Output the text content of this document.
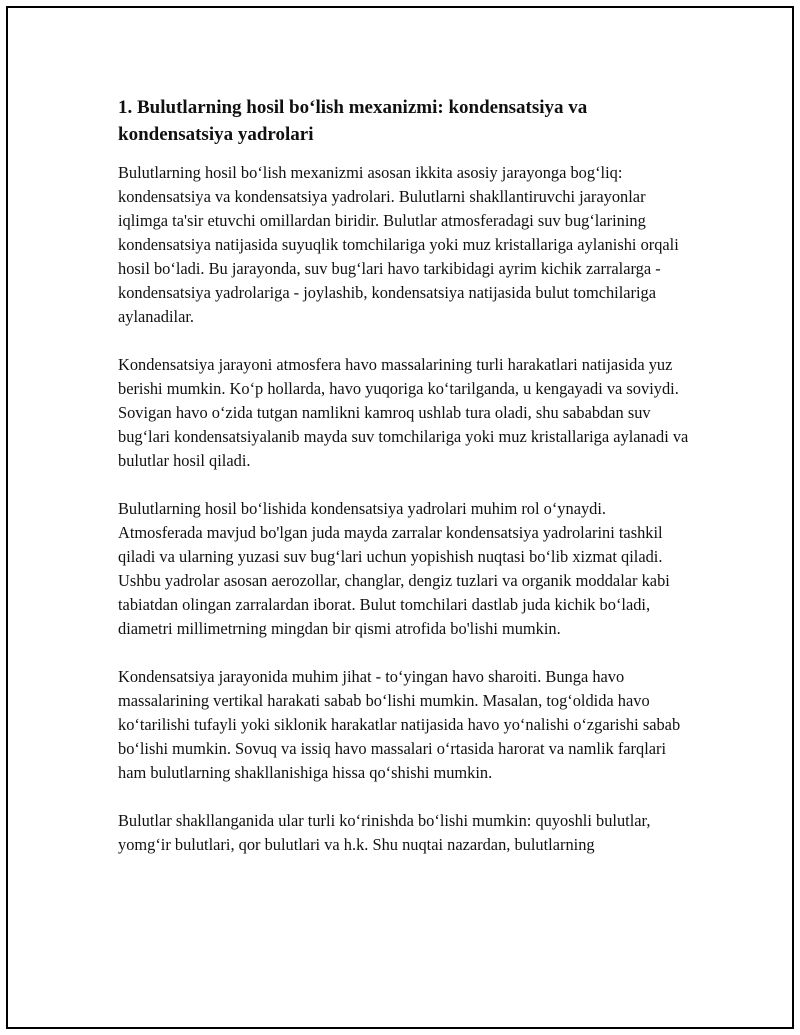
1. Bulutlarning hosil bo‘lish mexanizmi: kondensatsiya va kondensatsiya yadrolari

Bulutlarning hosil bo‘lish mexanizmi asosan ikkita asosiy jarayonga bog‘liq: kondensatsiya va kondensatsiya yadrolari. Bulutlarni shakllantiruvchi jarayonlar iqlimga ta'sir etuvchi omillardan biridir. Bulutlar atmosferadagi suv bug‘larining kondensatsiya natijasida suyuqlik tomchilariga yoki muz kristallariga aylanishi orqali hosil bo‘ladi. Bu jarayonda, suv bug‘lari havo tarkibidagi ayrim kichik zarralarga - kondensatsiya yadrolariga - joylashib, kondensatsiya natijasida bulut tomchilariga aylanadilar.

Kondensatsiya jarayoni atmosfera havo massalarining turli harakatlari natijasida yuz berishi mumkin. Ko‘p hollarda, havo yuqoriga ko‘tarilganda, u kengayadi va soviydi. Sovigan havo o‘zida tutgan namlikni kamroq ushlab tura oladi, shu sababdan suv bug‘lari kondensatsiyalanib mayda suv tomchilariga yoki muz kristallariga aylanadi va bulutlar hosil qiladi.

Bulutlarning hosil bo‘lishida kondensatsiya yadrolari muhim rol o‘ynaydi. Atmosferada mavjud bo'lgan juda mayda zarralar kondensatsiya yadrolarini tashkil qiladi va ularning yuzasi suv bug‘lari uchun yopishish nuqtasi bo‘lib xizmat qiladi. Ushbu yadrolar asosan aerozollar, changlar, dengiz tuzlari va organik moddalar kabi tabiatdan olingan zarralardan iborat. Bulut tomchilari dastlab juda kichik bo‘ladi, diametri millimetrning mingdan bir qismi atrofida bo'lishi mumkin.

Kondensatsiya jarayonida muhim jihat - to‘yingan havo sharoiti. Bunga havo massalarining vertikal harakati sabab bo‘lishi mumkin. Masalan, tog‘oldida havo ko‘tarilishi tufayli yoki siklonik harakatlar natijasida havo yo‘nalishi o‘zgarishi sabab bo‘lishi mumkin. Sovuq va issiq havo massalari o‘rtasida harorat va namlik farqlari ham bulutlarning shakllanishiga hissa qo‘shishi mumkin.

Bulutlar shakllanganida ular turli ko‘rinishda bo‘lishi mumkin: quyoshli bulutlar, yomg‘ir bulutlari, qor bulutlari va h.k. Shu nuqtai nazardan, bulutlarning
